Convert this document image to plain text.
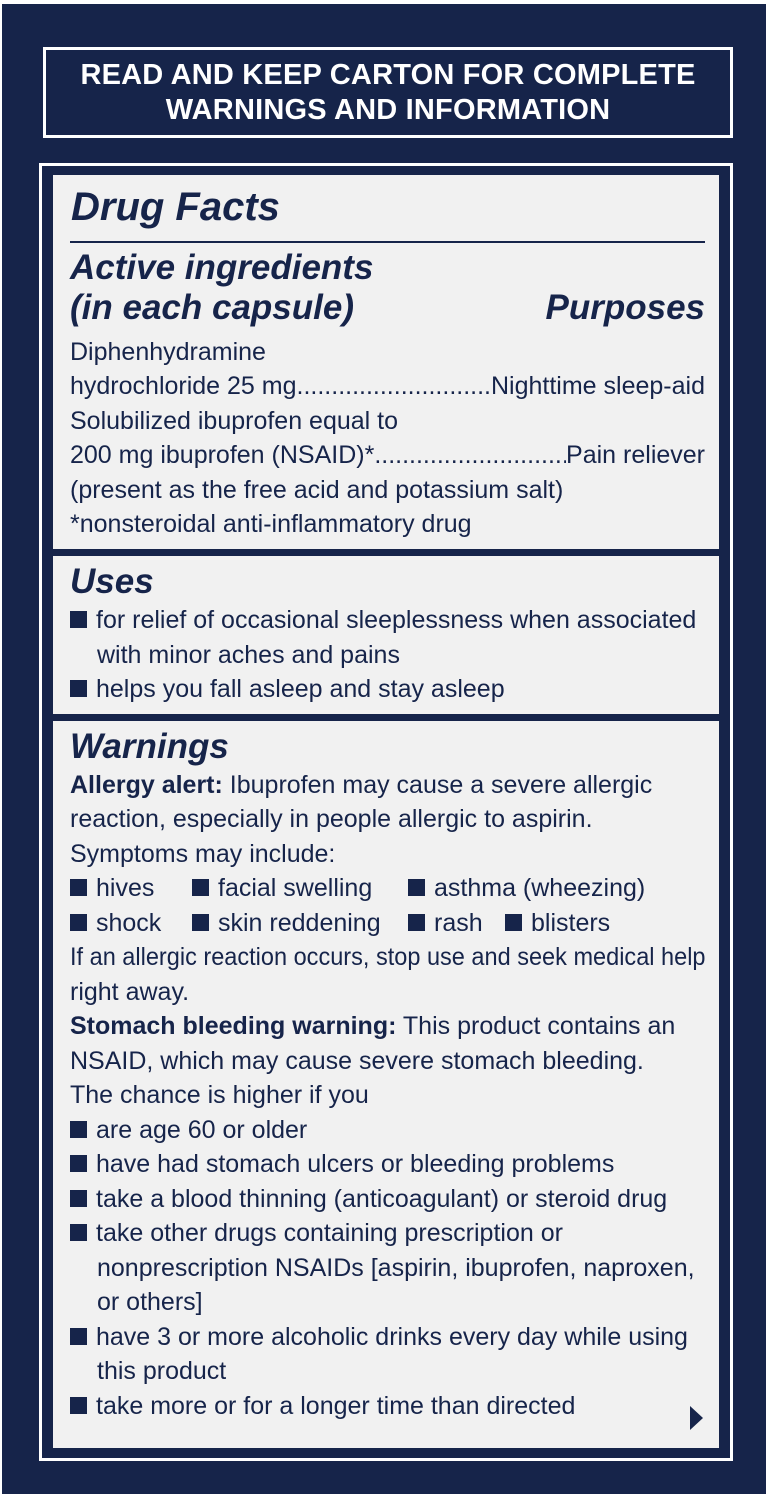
READ AND KEEP CARTON FOR COMPLETE
WARNINGS AND INFORMATION
Drug Facts
Active ingredients
(in each capsule)	Purposes
Diphenhydramine
hydrochloride 25 mg .....	Nighttime sleep-aid
Solubilized ibuprofen equal to
200 mg ibuprofen (NSAID)* .....	Pain reliever
(present as the free acid and potassium salt)
*nonsteroidal anti-inflammatory drug
Uses
for relief of occasional sleeplessness when associated
with minor aches and pains
helps you fall asleep and stay asleep
Warnings
Allergy alert: Ibuprofen may cause a severe allergic
reaction, especially in people allergic to aspirin.
Symptoms may include:
hives	facial swelling	asthma (wheezing)
shock	skin reddening	rash	blisters
If an allergic reaction occurs, stop use and seek medical help
right away.
Stomach bleeding warning: This product contains an
NSAID, which may cause severe stomach bleeding.
The chance is higher if you
are age 60 or older
have had stomach ulcers or bleeding problems
take a blood thinning (anticoagulant) or steroid drug
take other drugs containing prescription or
nonprescription NSAIDs [aspirin, ibuprofen, naproxen,
or others]
have 3 or more alcoholic drinks every day while using
this product
take more or for a longer time than directed
